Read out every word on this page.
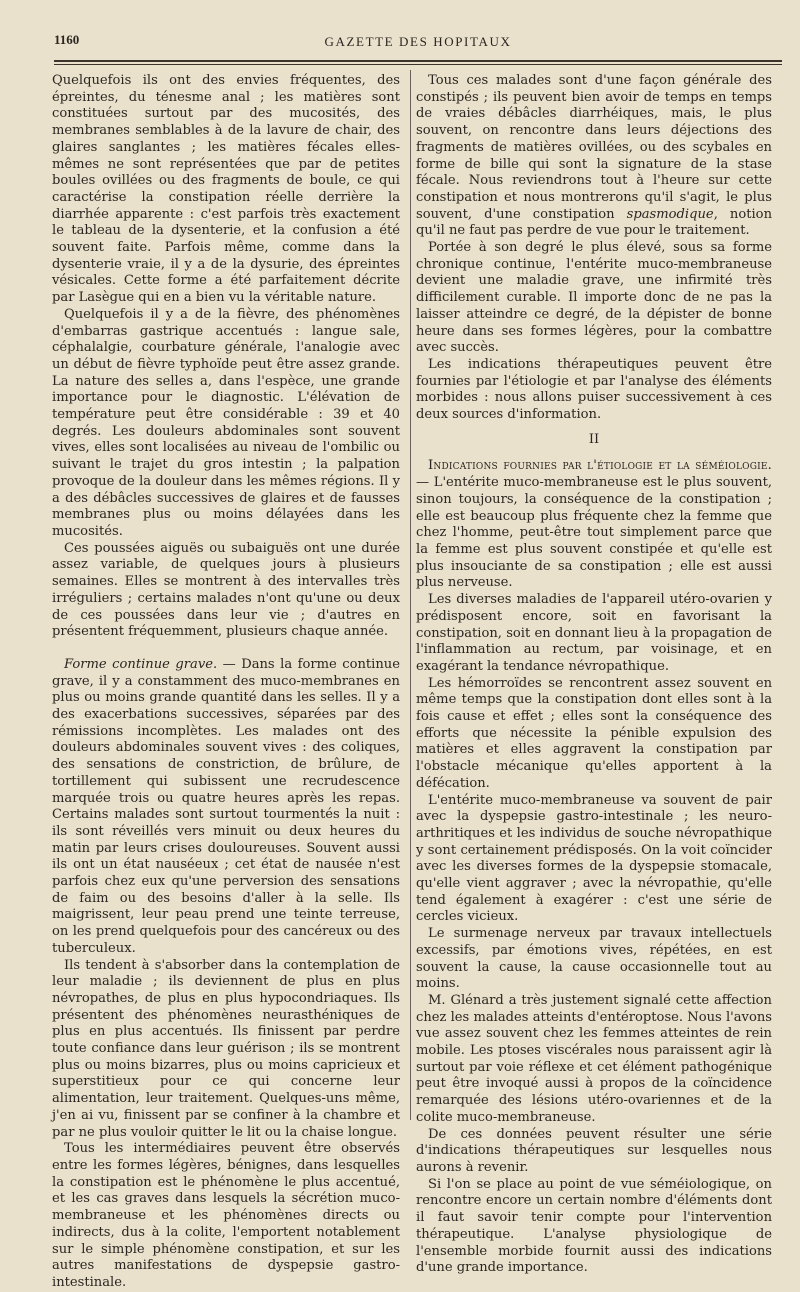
1160	GAZETTE DES HOPITAUX

Quelquefois ils ont des envies fréquentes, des épreintes, du ténesme anal ; les matières sont constituées surtout par des mucosités, des membranes semblables à de la lavure de chair, des glaires sanglantes ; les matières fécales elles-mêmes ne sont représentées que par de petites boules ovillées ou des fragments de boule, ce qui caractérise la constipation réelle derrière la diarrhée apparente : c'est parfois très exactement le tableau de la dysenterie, et la confusion a été souvent faite. Parfois même, comme dans la dysenterie vraie, il y a de la dysurie, des épreintes vésicales. Cette forme a été parfaitement décrite par Lasègue qui en a bien vu la véritable nature.

Quelquefois il y a de la fièvre, des phénomènes d'embarras gastrique accentués : langue sale, céphalalgie, courbature générale, l'analogie avec un début de fièvre typhoïde peut être assez grande. La nature des selles a, dans l'espèce, une grande importance pour le diagnostic. L'élévation de température peut être considérable : 39 et 40 degrés. Les douleurs abdominales sont souvent vives, elles sont localisées au niveau de l'ombilic ou suivant le trajet du gros intestin ; la palpation provoque de la douleur dans les mêmes régions. Il y a des débâcles successives de glaires et de fausses membranes plus ou moins délayées dans les mucosités.

Ces poussées aiguës ou subaiguës ont une durée assez variable, de quelques jours à plusieurs semaines. Elles se montrent à des intervalles très irréguliers ; certains malades n'ont qu'une ou deux de ces poussées dans leur vie ; d'autres en présentent fréquemment, plusieurs chaque année.

Forme continue grave. — Dans la forme continue grave, il y a constamment des muco-membranes en plus ou moins grande quantité dans les selles. Il y a des exacerbations successives, séparées par des rémissions incomplètes. Les malades ont des douleurs abdominales souvent vives : des coliques, des sensations de constriction, de brûlure, de tortillement qui subissent une recrudescence marquée trois ou quatre heures après les repas. Certains malades sont surtout tourmentés la nuit : ils sont réveillés vers minuit ou deux heures du matin par leurs crises douloureuses. Souvent aussi ils ont un état nauséeux ; cet état de nausée n'est parfois chez eux qu'une perversion des sensations de faim ou des besoins d'aller à la selle. Ils maigrissent, leur peau prend une teinte terreuse, on les prend quelquefois pour des cancéreux ou des tuberculeux.

Ils tendent à s'absorber dans la contemplation de leur maladie ; ils deviennent de plus en plus névropathes, de plus en plus hypocondriaques. Ils présentent des phénomènes neurasthéniques de plus en plus accentués. Ils finissent par perdre toute confiance dans leur guérison ; ils se montrent plus ou moins bizarres, plus ou moins capricieux et superstitieux pour ce qui concerne leur alimentation, leur traitement. Quelques-uns même, j'en ai vu, finissent par se confiner à la chambre et par ne plus vouloir quitter le lit ou la chaise longue.

Tous les intermédiaires peuvent être observés entre les formes légères, bénignes, dans lesquelles la constipation est le phénomène le plus accentué, et les cas graves dans lesquels la sécrétion muco-membraneuse et les phénomènes directs ou indirects, dus à la colite, l'emportent notablement sur le simple phénomène constipation, et sur les autres manifestations de dyspepsie gastro-intestinale.

Tous ces malades sont d'une façon générale des constipés ; ils peuvent bien avoir de temps en temps de vraies débâcles diarrhéiques, mais, le plus souvent, on rencontre dans leurs déjections des fragments de matières ovillées, ou des scybales en forme de bille qui sont la signature de la stase fécale. Nous reviendrons tout à l'heure sur cette constipation et nous montrerons qu'il s'agit, le plus souvent, d'une constipation spasmodique, notion qu'il ne faut pas perdre de vue pour le traitement.

Portée à son degré le plus élevé, sous sa forme chronique continue, l'entérite muco-membraneuse devient une maladie grave, une infirmité très difficilement curable. Il importe donc de ne pas la laisser atteindre ce degré, de la dépister de bonne heure dans ses formes légères, pour la combattre avec succès.

Les indications thérapeutiques peuvent être fournies par l'étiologie et par l'analyse des éléments morbides : nous allons puiser successivement à ces deux sources d'information.

II

Indications fournies par l'étiologie et la séméiologie. — L'entérite muco-membraneuse est le plus souvent, sinon toujours, la conséquence de la constipation ; elle est beaucoup plus fréquente chez la femme que chez l'homme, peut-être tout simplement parce que la femme est plus souvent constipée et qu'elle est plus insouciante de sa constipation ; elle est aussi plus nerveuse.

Les diverses maladies de l'appareil utéro-ovarien y prédisposent encore, soit en favorisant la constipation, soit en donnant lieu à la propagation de l'inflammation au rectum, par voisinage, et en exagérant la tendance névropathique.

Les hémorroïdes se rencontrent assez souvent en même temps que la constipation dont elles sont à la fois cause et effet ; elles sont la conséquence des efforts que nécessite la pénible expulsion des matières et elles aggravent la constipation par l'obstacle mécanique qu'elles apportent à la défécation.

L'entérite muco-membraneuse va souvent de pair avec la dyspepsie gastro-intestinale ; les neuro-arthritiques et les individus de souche névropathique y sont certainement prédisposés. On la voit coïncider avec les diverses formes de la dyspepsie stomacale, qu'elle vient aggraver ; avec la névropathie, qu'elle tend également à exagérer : c'est une série de cercles vicieux.

Le surmenage nerveux par travaux intellectuels excessifs, par émotions vives, répétées, en est souvent la cause, la cause occasionnelle tout au moins.

M. Glénard a très justement signalé cette affection chez les malades atteints d'entéroptose. Nous l'avons vue assez souvent chez les femmes atteintes de rein mobile. Les ptoses viscérales nous paraissent agir là surtout par voie réflexe et cet élément pathogénique peut être invoqué aussi à propos de la coïncidence remarquée des lésions utéro-ovariennes et de la colite muco-membraneuse.

De ces données peuvent résulter une série d'indications thérapeutiques sur lesquelles nous aurons à revenir.

Si l'on se place au point de vue séméiologique, on rencontre encore un certain nombre d'éléments dont il faut savoir tenir compte pour l'intervention thérapeutique. L'analyse physiologique de l'ensemble morbide fournit aussi des indications d'une grande importance.
